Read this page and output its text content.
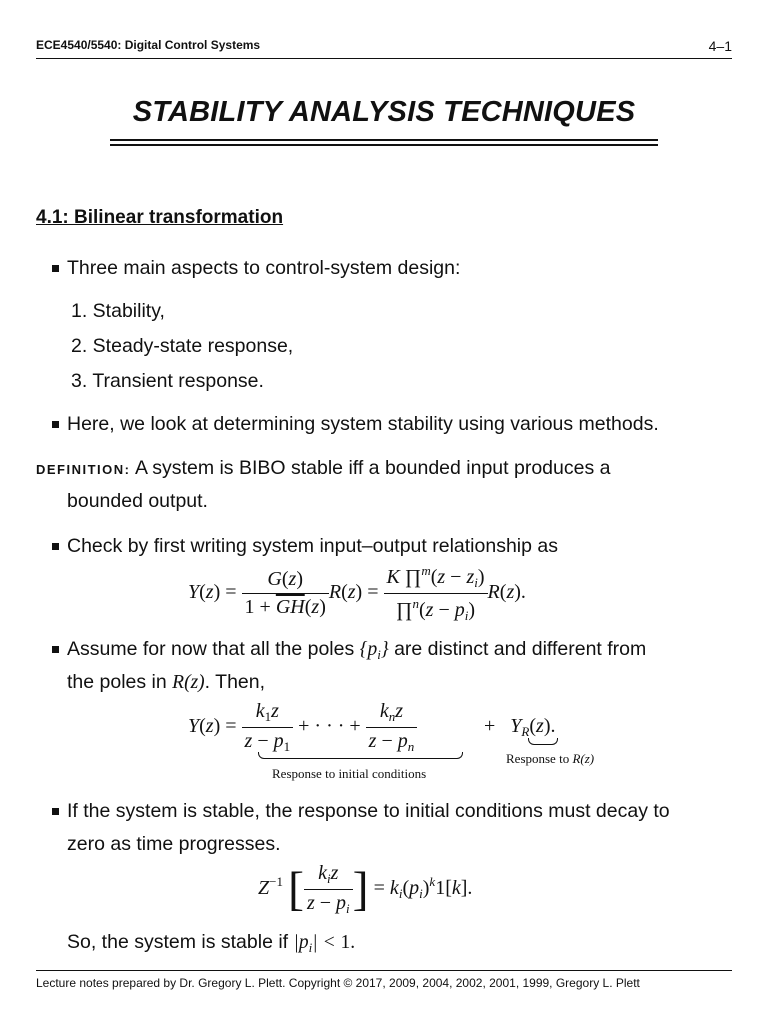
ECE4540/5540: Digital Control Systems	4–1
STABILITY ANALYSIS TECHNIQUES
4.1: Bilinear transformation
Three main aspects to control-system design:
1. Stability,
2. Steady-state response,
3. Transient response.
Here, we look at determining system stability using various methods.
DEFINITION: A system is BIBO stable iff a bounded input produces a
bounded output.
Check by first writing system input–output relationship as
$Y(z) = \frac{G(z)}{1 + \overline{GH}(z)} R(z) = \frac{K \prod^m(z - z_i)}{\prod^n(z - p_i)} R(z)$.
Assume for now that all the poles $\{p_i\}$ are distinct and different from
the poles in R(z). Then,
$Y(z) = \frac{k_1z}{z - p_1}$ + · · · + $\frac{k_nz}{z - p_n}$	+   $Y_R(z)$.
Response to initial conditions
Response to R(z)
If the system is stable, the response to initial conditions must decay to
zero as time progresses.
$Z^{-1}$ [ $\frac{k_iz}{z - p_i}$ ] = $k_i(p_i)^k1[k]$.
So, the system is stable if $|p_i| < 1$.
Lecture notes prepared by Dr. Gregory L. Plett. Copyright © 2017, 2009, 2004, 2002, 2001, 1999, Gregory L. Plett
